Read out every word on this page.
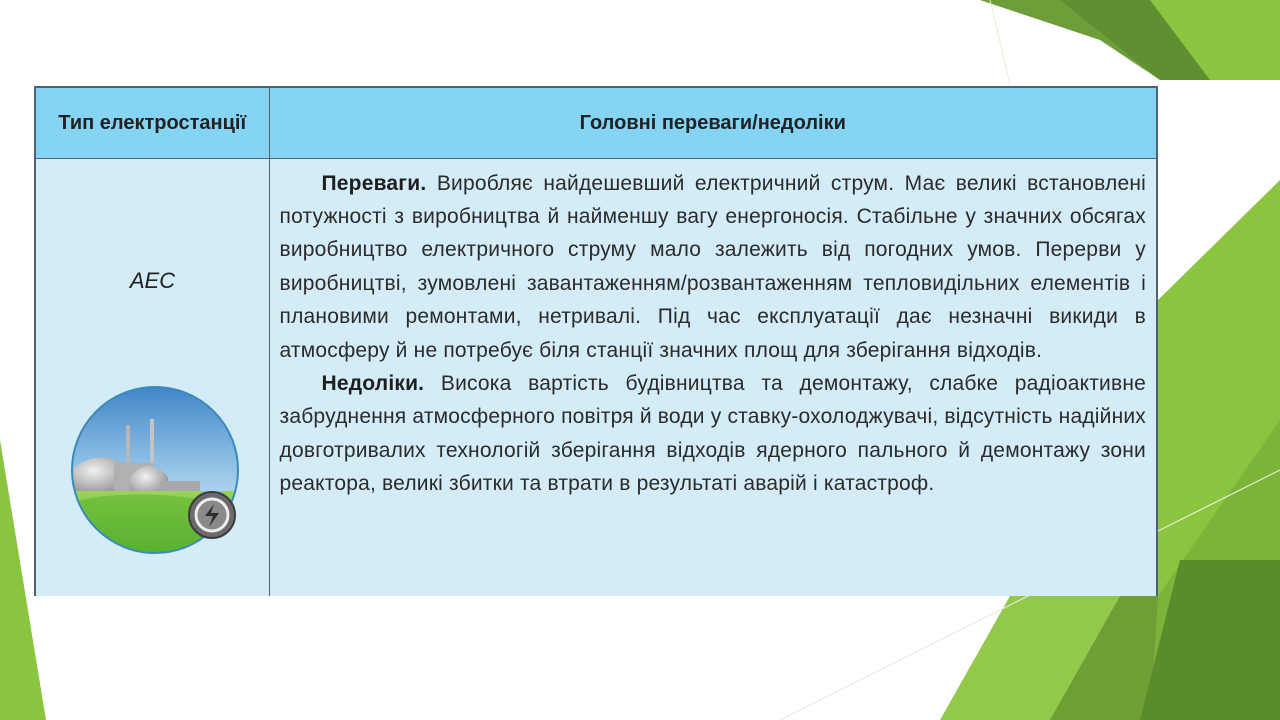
Тип електростанції	Головні переваги/недоліки

АЕС	Переваги. Виробляє найдешевший електричний струм. Має великі встановлені потужності з виробництва й найменшу вагу енергоносія. Стабільне у значних обсягах виробництво електричного струму мало залежить від погодних умов. Перерви у виробництві, зумовлені завантаженням/розвантаженням тепловидільних елементів і плановими ремонтами, нетривалі. Під час експлуатації дає незначні викиди в атмосферу й не потребує біля станції значних площ для зберігання відходів.

Недоліки. Висока вартість будівництва та демонтажу, слабке радіоактивне забруднення атмосферного повітря й води у ставку-охолоджувачі, відсутність надійних довготривалих технологій зберігання відходів ядерного пального й демонтажу зони реактора, великі збитки та втрати в результаті аварій і катастроф.
